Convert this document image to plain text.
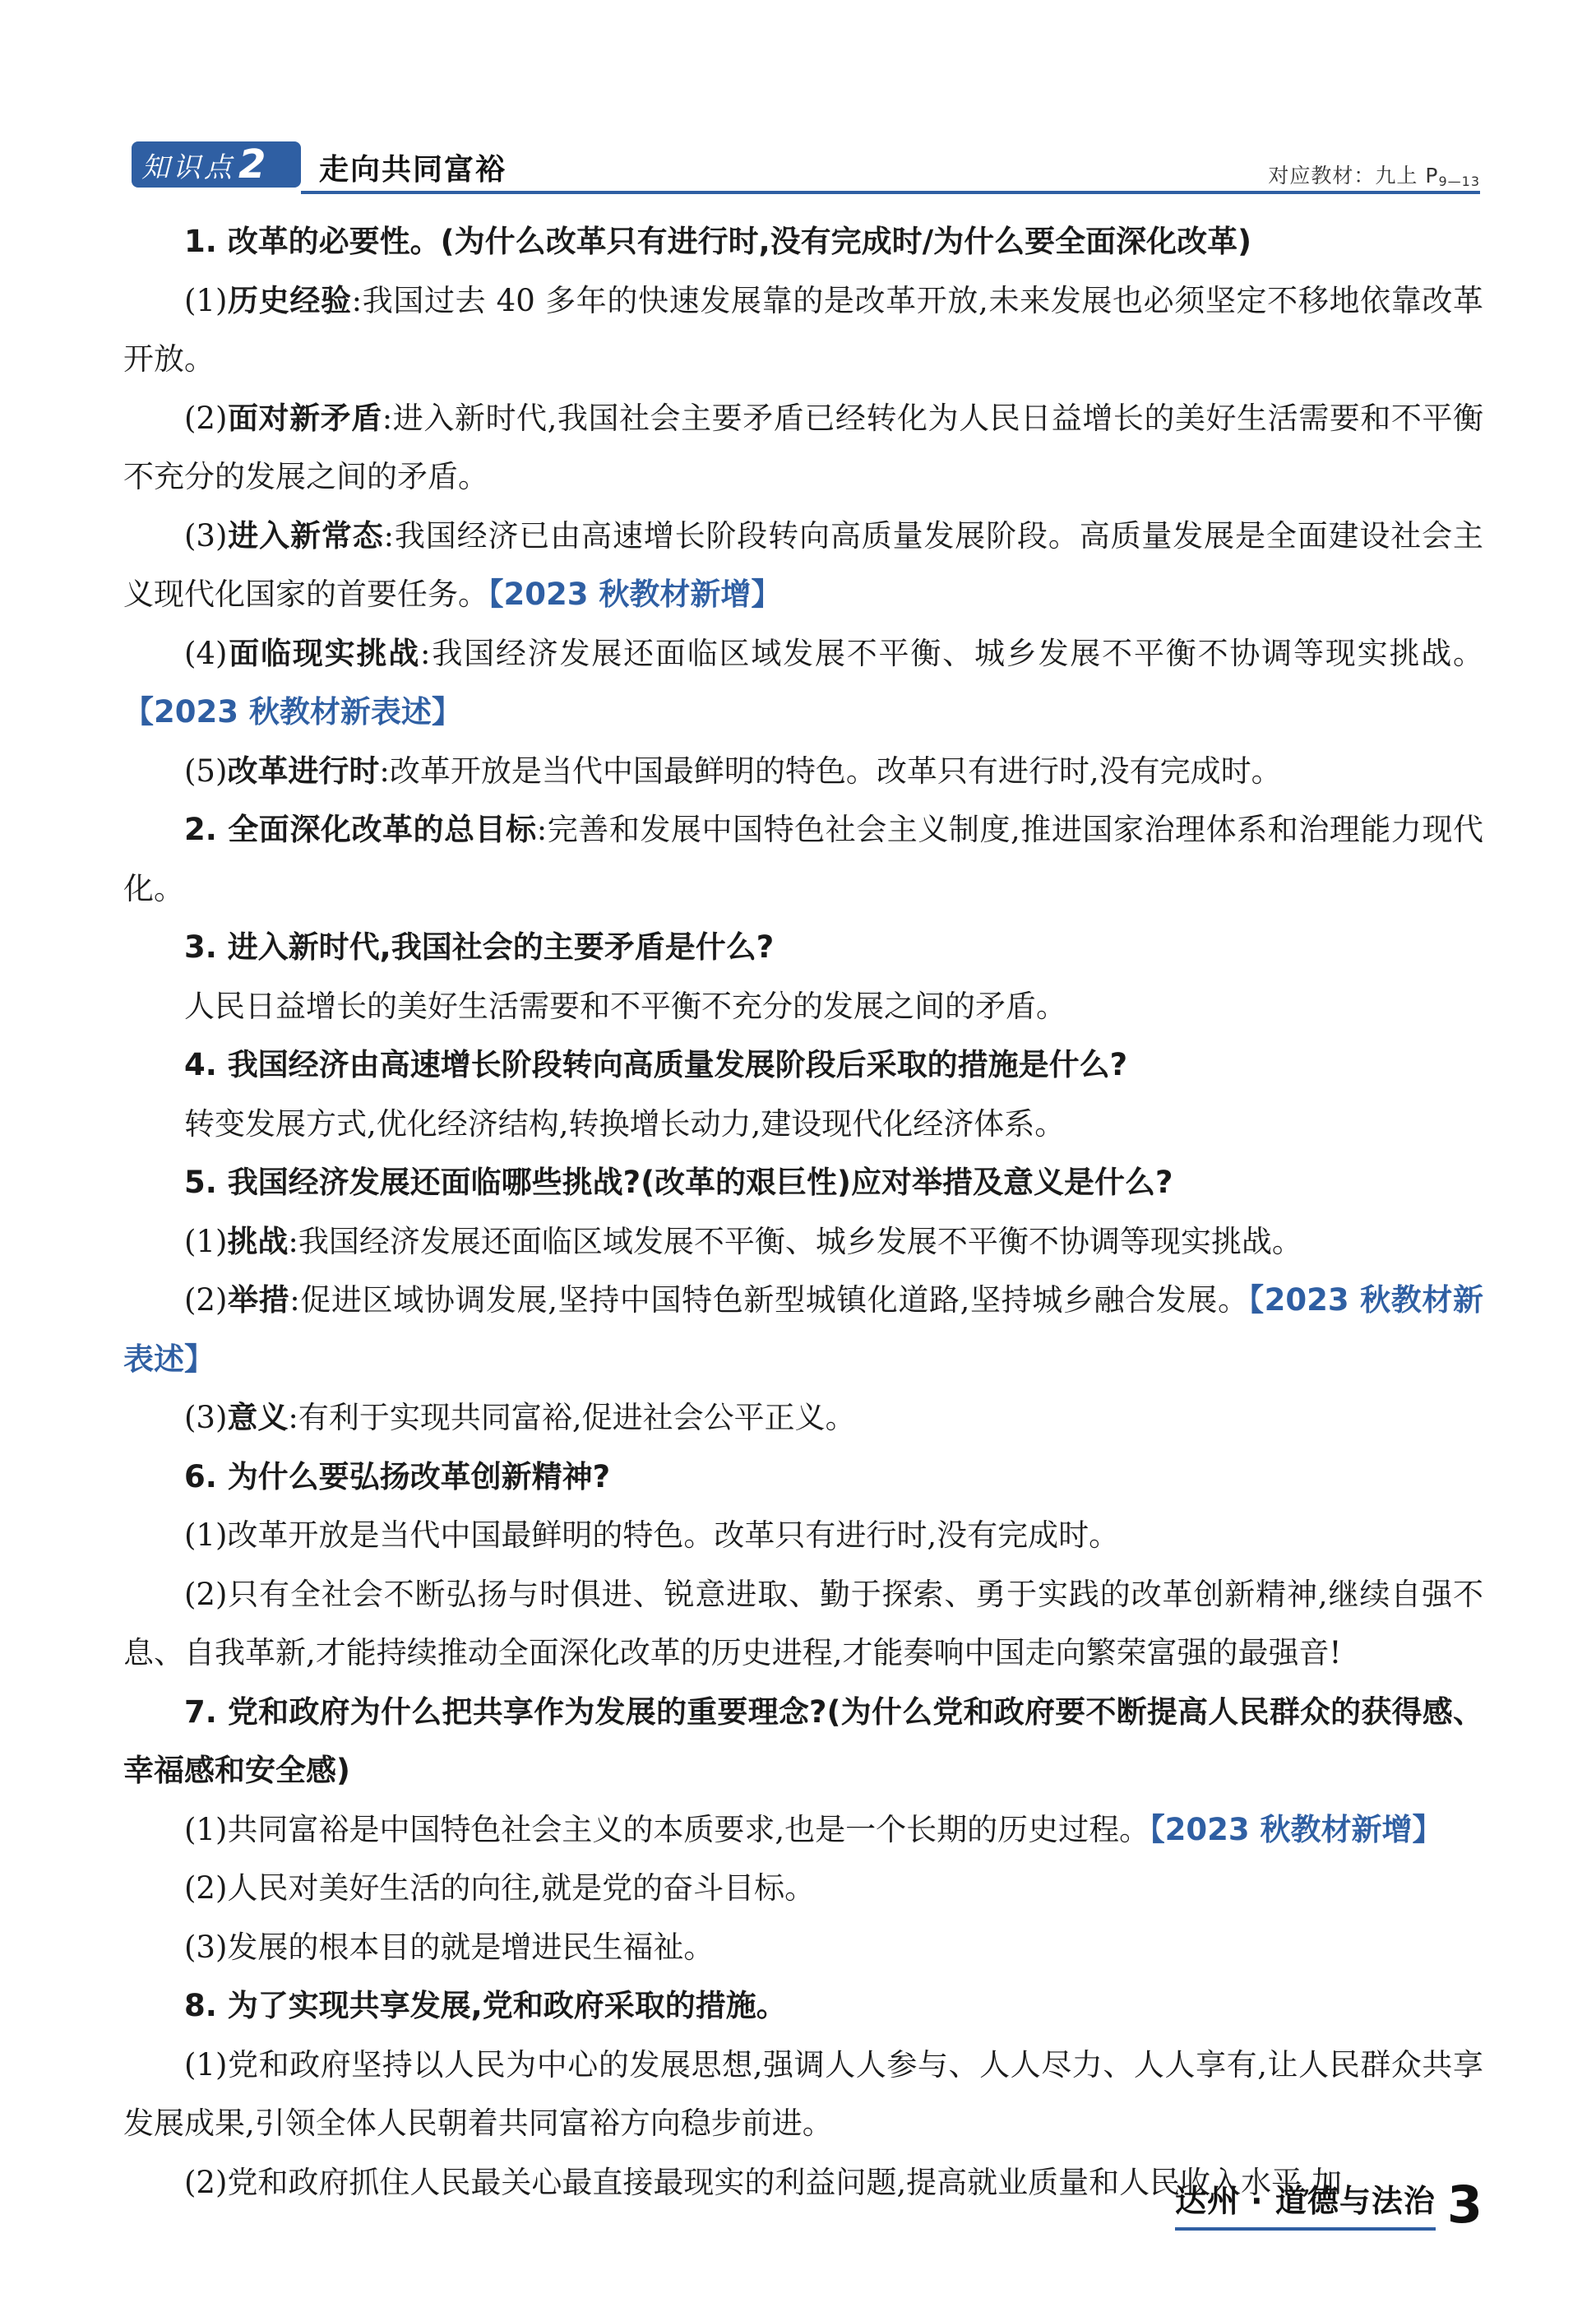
知识点 2 走向共同富裕	对应教材：九上 $P_{9—13}$

1. 改革的必要性。(为什么改革只有进行时,没有完成时/为什么要全面深化改革)

(1)历史经验:我国过去 40 多年的快速发展靠的是改革开放,未来发展也必须坚定不移地依靠改革开放。

(2)面对新矛盾:进入新时代,我国社会主要矛盾已经转化为人民日益增长的美好生活需要和不平衡不充分的发展之间的矛盾。

(3)进入新常态:我国经济已由高速增长阶段转向高质量发展阶段。高质量发展是全面建设社会主义现代化国家的首要任务。【2023 秋教材新增】

(4)面临现实挑战:我国经济发展还面临区域发展不平衡、城乡发展不平衡不协调等现实挑战。【2023 秋教材新表述】

(5)改革进行时:改革开放是当代中国最鲜明的特色。改革只有进行时,没有完成时。

2. 全面深化改革的总目标:完善和发展中国特色社会主义制度,推进国家治理体系和治理能力现代化。

3. 进入新时代,我国社会的主要矛盾是什么?

人民日益增长的美好生活需要和不平衡不充分的发展之间的矛盾。

4. 我国经济由高速增长阶段转向高质量发展阶段后采取的措施是什么?

转变发展方式,优化经济结构,转换增长动力,建设现代化经济体系。

5. 我国经济发展还面临哪些挑战?(改革的艰巨性)应对举措及意义是什么?

(1)挑战:我国经济发展还面临区域发展不平衡、城乡发展不平衡不协调等现实挑战。

(2)举措:促进区域协调发展,坚持中国特色新型城镇化道路,坚持城乡融合发展。【2023 秋教材新表述】

(3)意义:有利于实现共同富裕,促进社会公平正义。

6. 为什么要弘扬改革创新精神?

(1)改革开放是当代中国最鲜明的特色。改革只有进行时,没有完成时。

(2)只有全社会不断弘扬与时俱进、锐意进取、勤于探索、勇于实践的改革创新精神,继续自强不息、自我革新,才能持续推动全面深化改革的历史进程,才能奏响中国走向繁荣富强的最强音!

7. 党和政府为什么把共享作为发展的重要理念?(为什么党和政府要不断提高人民群众的获得感、幸福感和安全感)

(1)共同富裕是中国特色社会主义的本质要求,也是一个长期的历史过程。【2023 秋教材新增】

(2)人民对美好生活的向往,就是党的奋斗目标。

(3)发展的根本目的就是增进民生福祉。

8. 为了实现共享发展,党和政府采取的措施。

(1)党和政府坚持以人民为中心的发展思想,强调人人参与、人人尽力、人人享有,让人民群众共享发展成果,引领全体人民朝着共同富裕方向稳步前进。

(2)党和政府抓住人民最关心最直接最现实的利益问题,提高就业质量和人民收入水平,加

达州 · 道德与法治 3
